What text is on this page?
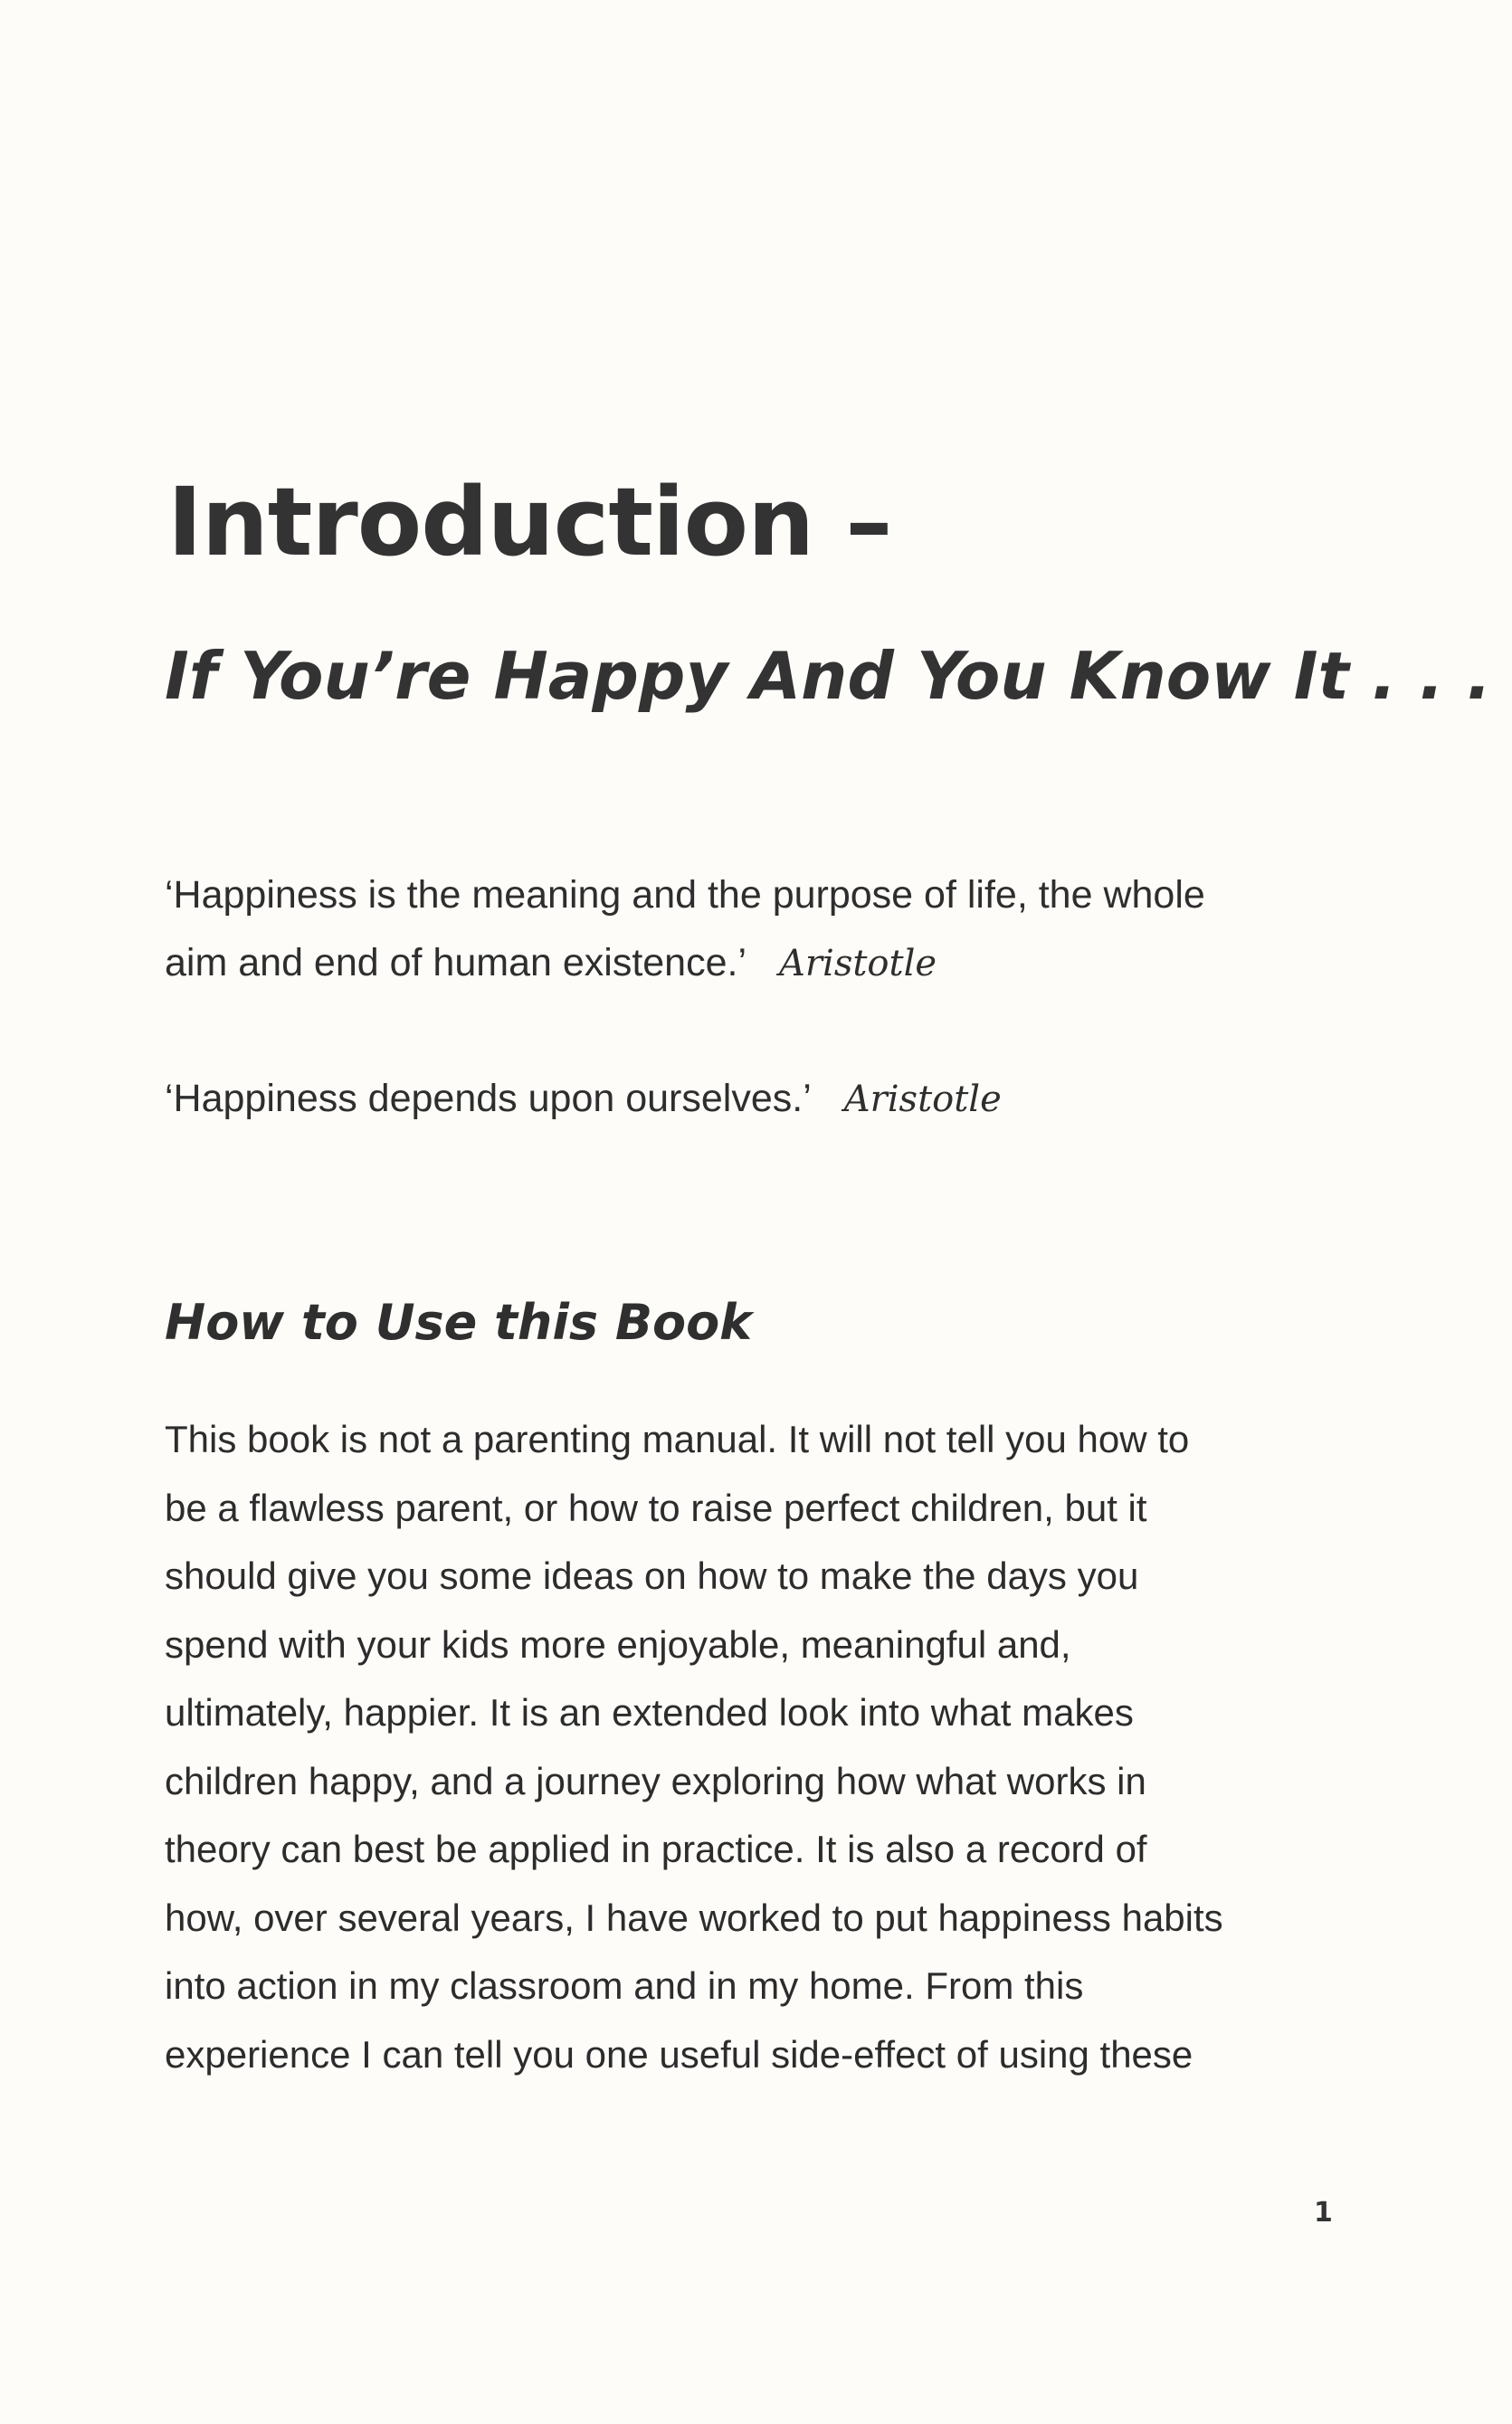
Introduction –
If You’re Happy And You Know It . . .

‘Happiness is the meaning and the purpose of life, the whole aim and end of human existence.’ Aristotle

‘Happiness depends upon ourselves.’ Aristotle

How to Use this Book
This book is not a parenting manual. It will not tell you how to
be a flawless parent, or how to raise perfect children, but it
should give you some ideas on how to make the days you
spend with your kids more enjoyable, meaningful and,
ultimately, happier. It is an extended look into what makes
children happy, and a journey exploring how what works in
theory can best be applied in practice. It is also a record of
how, over several years, I have worked to put happiness habits
into action in my classroom and in my home. From this
experience I can tell you one useful side-effect of using these
1
